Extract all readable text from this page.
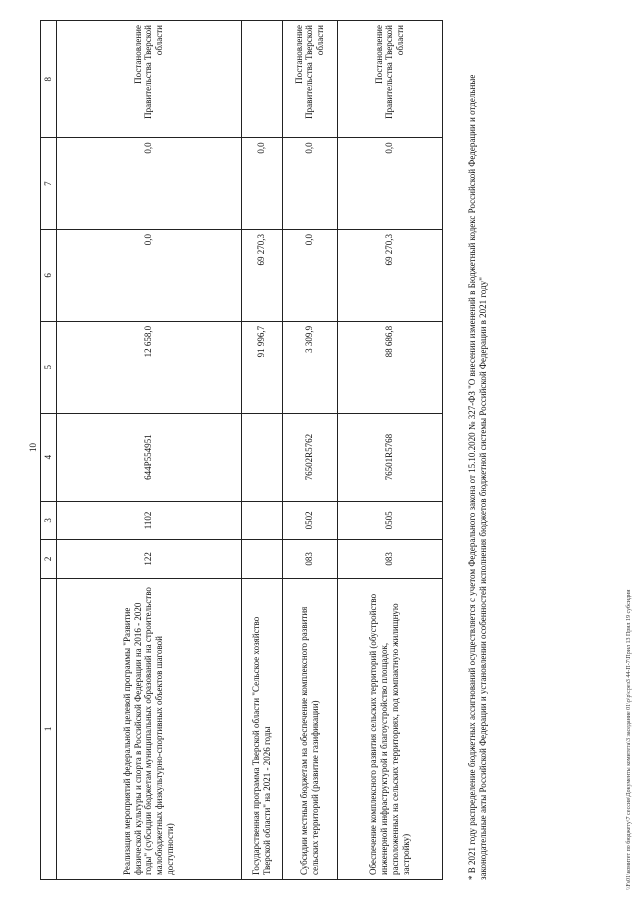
10
1	2	3	4	5	6	7	8
Реализация мероприятий федеральной целевой программы "Развитие физической культуры и спорта в Российской Федерации на 2016 - 2020 годы" (субсидии бюджетам муниципальных образований на строительство малобюджетных физкультурно-спортивных объектов шаговой доступности)	122	1102	644P554951	12 658,0	0,0	0,0	Постановление Правительства Тверской области
Государственная программа Тверской области "Сельское хозяйство Тверской области" на 2021 - 2026 годы				91 996,7	69 270,3	0,0	
Субсидии местным бюджетам на обеспечение комплексного развития сельских территорий (развитие газификации)	083	0502	76502R5762	3 309,9	0,0	0,0	Постановление Правительства Тверской области
Обеспечение комплексного развития сельских территорий (обустройство инженерной инфраструктурой и благоустройство площадок, расположенных на сельских территориях, под компактную жилищную застройку)	083	0505	76501R5768	88 686,8	69 270,3	0,0	Постановление Правительства Тверской области
* В 2021 году распределение бюджетных ассигнований осуществляется с учетом Федерального закона от 15.10.2020 № 327-ФЗ "О внесении изменений в Бюджетный кодекс Российской Федерации и отдельные законодательные акты Российской Федерации и установлении особенностей исполнения бюджетов бюджетной системы Российской Федерации в 2021 году"	\\Fs01\комитет по бюджету\7 сессия\Документы комитета\3 заседание 01\р\р\срез3 44-П-7\Прил 13 Прил 19 субсидии
